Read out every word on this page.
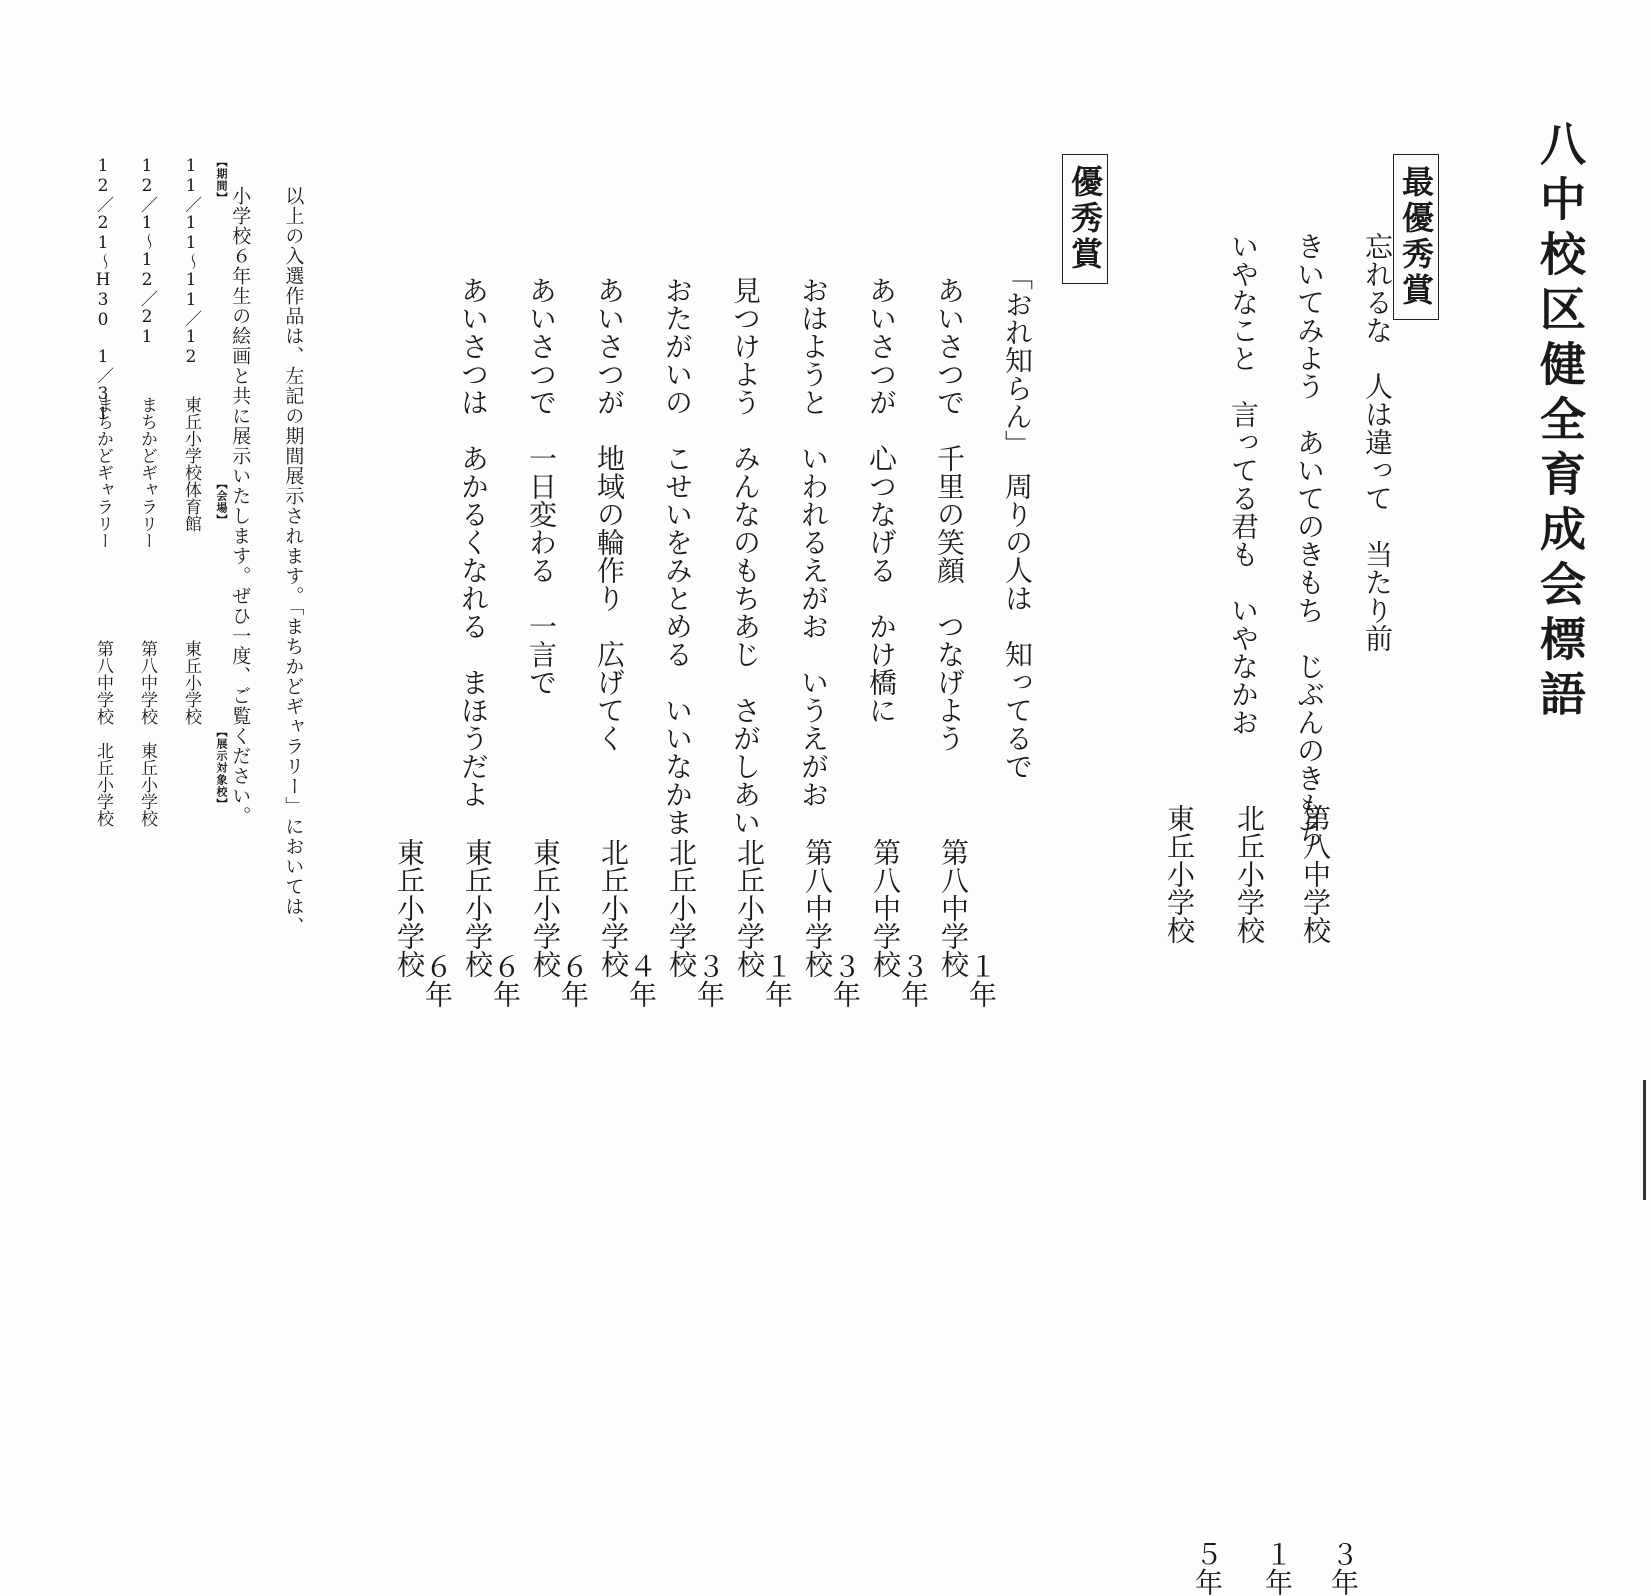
八中校区健全育成会標語
最優秀賞
忘れるな　人は違って　当たり前
きいてみよう　あいてのきもち　じぶんのきもち
いやなこと　言ってる君も　いやなかお

第八中学校

３年

北丘小学校

１年

東丘小学校

５年

優秀賞
「おれ知らん」　周りの人は　知ってるで
あいさつで　千里の笑顔　つなげよう
あいさつが　心つなげる　かけ橋に
おはようと　いわれるえがお　いうえがお
見つけよう　みんなのもちあじ　さがしあい
おたがいの　こせいをみとめる　いいなかま
あいさつが　地域の輪作り　広げてく
あいさつで　一日変わる　一言で
あいさつは　あかるくなれる　まほうだよ

第八中学校

１年

第八中学校

３年

第八中学校

３年

北丘小学校

１年

北丘小学校

３年

北丘小学校

４年

東丘小学校

６年

東丘小学校

６年

東丘小学校

６年

以上の入選作品は、左記の期間展示されます。「まちかどギャラリー」においては、

小学校６年生の絵画と共に展示いたします。ぜひ一度、ご覧ください。

【期間】
【会場】
【展示対象校】
11／11～11／12
東丘小学校体育館
東丘小学校
12／1～12／21
まちかどギャラリー
第八中学校　東丘小学校
12／21～H30　1／31
まちかどギャラリー
第八中学校　北丘小学校
